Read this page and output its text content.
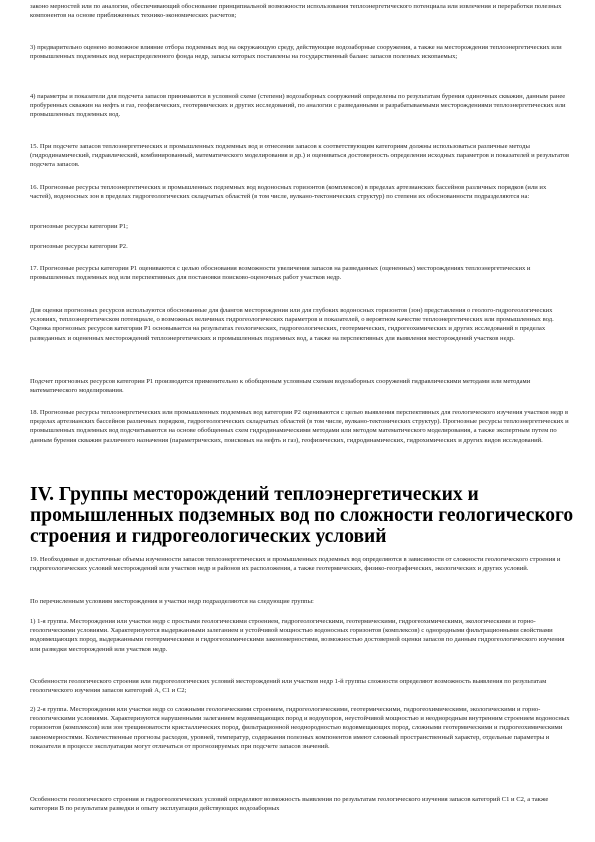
законо мерностей или по аналогии, обеспечивающий обоснование принципиальной возможности использования теплоэнергетического потенциала или извлечения и переработки полезных компонентов на основе приближенных технико-экономических расчетов;

3) предварительно оценено возможное влияние отбора подземных вод на окружающую среду, действующие водозаборные сооружения, а также на месторождения теплоэнергетических или промышленных подземных вод нераспределенного фонда недр, запасы которых поставлены на государственный баланс запасов полезных ископаемых;

4) параметры и показатели для подсчета запасов принимаются в условной схеме (степени) водозаборных сооружений определены по результатам бурения одиночных скважин, данным ранее пробуренных скважин на нефть и газ, геофизических, геотермических и других исследований, по аналогии с разведанными и разрабатываемыми месторождениями теплоэнергетических или промышленных подземных вод.

15. При подсчете запасов теплоэнергетических и промышленных подземных вод и отнесении запасов к соответствующим категориям должны использоваться различные методы (гидродинамический, гидравлический, комбинированный, математического моделирования и др.) и оцениваться достоверность определения исходных параметров и показателей и результатов подсчета запасов.

16. Прогнозные ресурсы теплоэнергетических и промышленных подземных вод водоносных горизонтов (комплексов) в пределах артезианских бассейнов различных порядков (или их частей), водоносных зон в пределах гидрогеологических складчатых областей (в том числе, вулкано-тектонических структур) по степени их обоснованности подразделяются на:

прогнозные ресурсы категории P1;

прогнозные ресурсы категории P2.

17. Прогнозные ресурсы категории P1 оцениваются с целью обоснования возможности увеличения запасов на разведанных (оцененных) месторождениях теплоэнергетических и промышленных подземных вод или перспективных для постановки поисково-оценочных работ участков недр.

Для оценки прогнозных ресурсов используются обоснованные для флангов месторождения или для глубоких водоносных горизонтов (зон) представления о геолого-гидрогеологических условиях, теплоэнергетическом потенциале, о возможных величинах гидрогеологических параметров и показателей, о вероятном качестве теплоэнергетических или промышленных вод. Оценка прогнозных ресурсов категории P1 основывается на результатах геологических, гидрогеологических, геотермических, гидрогеохимических и других исследований в пределах разведанных и оцененных месторождений теплоэнергетических и промышленных подземных вод, а также на перспективных для выявления месторождений участков недр.

Подсчет прогнозных ресурсов категории P1 производится применительно к обобщенным условным схемам водозаборных сооружений гидравлическими методами или методами математического моделирования.

18. Прогнозные ресурсы теплоэнергетических или промышленных подземных вод категории P2 оцениваются с целью выявления перспективных для геологического изучения участков недр в пределах артезианских бассейнов различных порядков, гидрогеологических складчатых областей (в том числе, вулкано-тектонических структур). Прогнозные ресурсы теплоэнергетических и промышленных подземных вод подсчитываются на основе обобщенных схем гидродинамическими методами или методом математического моделирования, а также экспертным путем по данным бурения скважин различного назначения (параметрических, поисковых на нефть и газ), геофизических, гидродинамических, гидрохимических и других видов исследований.

IV. Группы месторождений теплоэнергетических и промышленных подземных вод по сложности геологического строения и гидрогеологических условий

19. Необходимые и достаточные объемы изученности запасов теплоэнергетических и промышленных подземных вод определяются в зависимости от сложности геологического строения и гидрогеологических условий месторождений или участков недр и районов их расположения, а также геотермических, физико-географических, экологических и других условий.

По перечисленным условиям месторождения и участки недр подразделяются на следующие группы:

1) 1-я группа. Месторождения или участки недр с простыми геологическими строением, гидрогеологическими, геотермическими, гидрогеохимическими, экологическими и горно-геологическими условиями. Характеризуются выдержанными залеганием и устойчивой мощностью водоносных горизонтов (комплексов) с однородными фильтрационными свойствами водовмещающих пород, выдержанными геотермическими и гидрогеохимическими закономерностями, возможностью достоверной оценки запасов по данным гидрогеологического изучения или разведки месторождений или участков недр.

Особенности геологического строения или гидрогеологических условий месторождений или участков недр 1-й группы сложности определяют возможность выявления по результатам геологического изучения запасов категорий A, C1 и C2;

2) 2-я группа. Месторождения или участки недр со сложными геологическими строением, гидрогеологическими, геотермическими, гидрогеохимическими, экологическими и горно-геологическими условиями. Характеризуются нарушенными залеганием водовмещающих пород и водоупоров, неустойчивой мощностью и неоднородным внутренним строением водоносных горизонтов (комплексов) или зон трещиноватости кристаллических пород, фильтрационной неоднородностью водовмещающих пород, сложными геотермическими и гидрогеохимическими закономерностями. Количественные прогнозы расходов, уровней, температур, содержания полезных компонентов имеют сложный пространственный характер, отдельные параметры и показатели в процессе эксплуатации могут отличаться от прогнозируемых при подсчете запасов значений.

Особенности геологического строения и гидрогеологических условий определяют возможность выявления по результатам геологического изучения запасов категорий C1 и C2, а также категории B по результатам разведки и опыту эксплуатации действующих водозаборных
